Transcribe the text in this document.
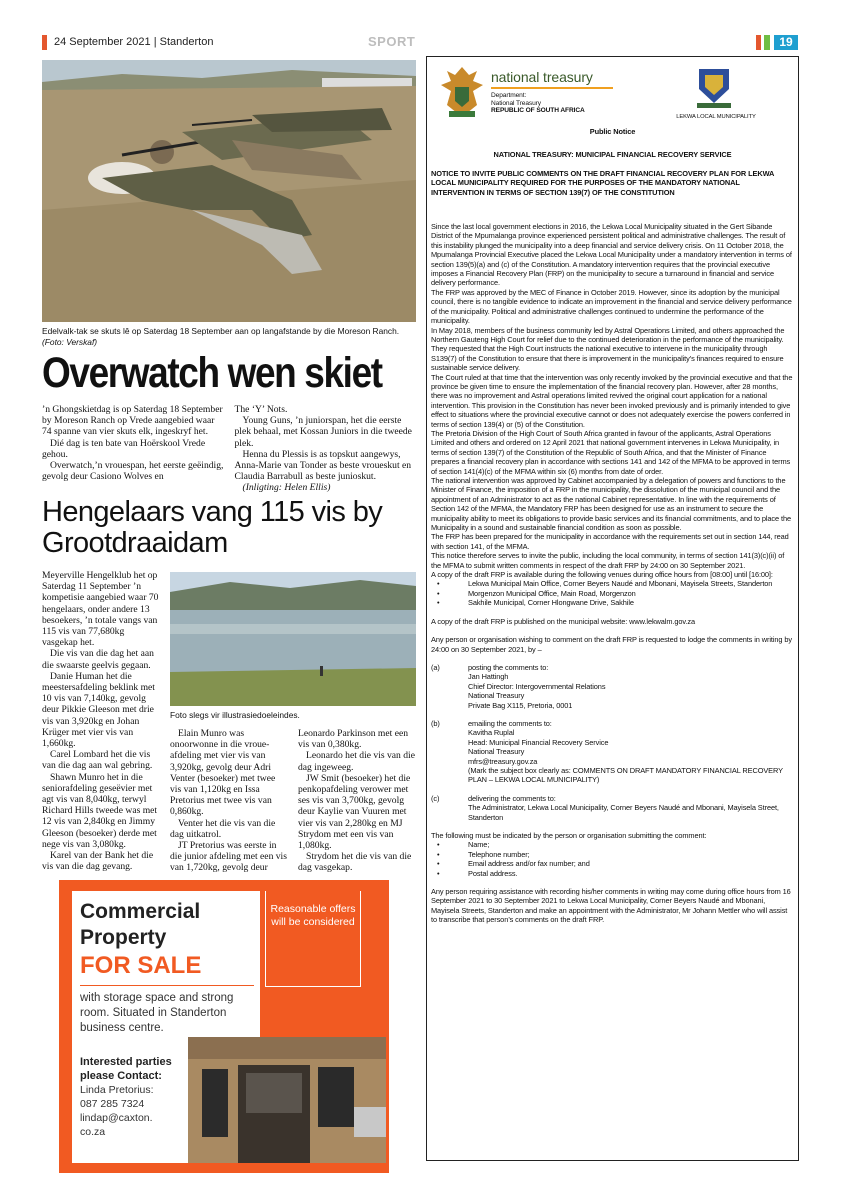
24 September 2021 | Standerton	SPORT	19
Edelvalk-tak se skuts lê op Saterdag 18 September aan op langafstande by die Moreson Ranch. (Foto: Verskaf)
Overwatch wen skiet

’n Ghongskietdag is op Saterdag 18 September by Moreson Ranch op Vrede aangebied waar 74 spanne van vier skuts elk, ingeskryf het.

Dié dag is ten bate van Hoërskool Vrede gehou.

Overwatch,’n vrouespan, het eerste geëindig, gevolg deur Casiono Wolves en

The ‘Y’ Nots.

Young Guns, ’n juniorspan, het die eerste plek behaal, met Kossan Juniors in die tweede plek.

Henna du Plessis is as topskut aangewys, Anna-Marie van Tonder as beste vroueskut en Claudia Barrabull as beste junioskut.

(Inligting: Helen Ellis)

Hengelaars vang 115 vis by Grootdraaidam

Meyerville Hengelklub het op Saterdag 11 September ’n kompetisie aangebied waar 70 hengelaars, onder andere 13 besoekers, ’n totale vangs van 115 vis van 77,680kg vasgekap het.

Die vis van die dag het aan die swaarste geelvis gegaan.

Danie Human het die meestersafdeling beklink met 10 vis van 7,140kg, gevolg deur Pikkie Gleeson met drie vis van 3,920kg en Johan Krüger met vier vis van 1,660kg.

Carel Lombard het die vis van die dag aan wal gebring.

Shawn Munro het in die seniorafdeling geseëvier met agt vis van 8,040kg, terwyl Richard Hills tweede was met 12 vis van 2,840kg en Jimmy Gleeson (besoeker) derde met nege vis van 3,080kg.

Karel van der Bank het die vis van die dag gevang.

Foto slegs vir illustrasiedoeleindes.

Elain Munro was onoorwonne in die vroue-afdeling met vier vis van 3,920kg, gevolg deur Adri Venter (besoeker) met twee vis van 1,120kg en Issa Pretorius met twee vis van 0,860kg.

Venter het die vis van die dag uitkatrol.

JT Pretorius was eerste in die junior afdeling met een vis van 1,720kg, gevolg deur

Leonardo Parkinson met een vis van 0,380kg.

Leonardo het die vis van die dag ingeweeg.

JW Smit (besoeker) het die penkopafdeling verower met ses vis van 3,700kg, gevolg deur Kaylie van Vuuren met vier vis van 2,280kg en MJ Strydom met een vis van 1,080kg.

Strydom het die vis van die dag vasgekap.

Commercial
Property
FOR SALE
with storage space and strong room. Situated in Standerton business centre.
Interested parties please Contact:
Linda Pretorius:
087 285 7324
lindap@caxton.
co.za
Reasonable offers will be considered
national treasury
Department:
National Treasury
REPUBLIC OF SOUTH AFRICA
LEKWA LOCAL MUNICIPALITY

Public Notice

NATIONAL TREASURY: MUNICIPAL FINANCIAL RECOVERY SERVICE

NOTICE TO INVITE PUBLIC COMMENTS ON THE DRAFT FINANCIAL RECOVERY PLAN FOR LEKWA LOCAL MUNICIPALITY REQUIRED FOR THE PURPOSES OF THE MANDATORY NATIONAL INTERVENTION IN TERMS OF SECTION 139(7) OF THE CONSTITUTION

Since the last local government elections in 2016, the Lekwa Local Municipality situated in the Gert Sibande District of the Mpumalanga province experienced persistent political and administrative challenges. The result of this instability plunged the municipality into a deep financial and service delivery crisis. On 11 October 2018, the Mpumalanga Provincial Executive placed the Lekwa Local Municipality under a mandatory intervention in terms of section 139(5)(a) and (c) of the Constitution. A mandatory intervention requires that the provincial executive imposes a Financial Recovery Plan (FRP) on the municipality to secure a turnaround in financial and service delivery performance.

The FRP was approved by the MEC of Finance in October 2019. However, since its adoption by the municipal council, there is no tangible evidence to indicate an improvement in the financial and service delivery performance of the municipality. Political and administrative challenges continued to undermine the performance of the municipality.

In May 2018, members of the business community led by Astral Operations Limited, and others approached the Northern Gauteng High Court for relief due to the continued deterioration in the performance of the municipality. They requested that the High Court instructs the national executive to intervene in the municipality through S139(7) of the Constitution to ensure that there is improvement in the municipality’s finances required to ensure sustainable service delivery.

The Court ruled at that time that the intervention was only recently invoked by the provincial executive and that the province be given time to ensure the implementation of the financial recovery plan. However, after 28 months, there was no improvement and Astral operations limited revived the original court application for a national intervention. This provision in the Constitution has never been invoked previously and is primarily intended to give effect to situations where the provincial executive cannot or does not adequately exercise the powers conferred in terms of section 139(4) or (5) of the Constitution.

The Pretoria Division of the High Court of South Africa granted in favour of the applicants, Astral Operations Limited and others and ordered on 12 April 2021 that national government intervenes in Lekwa Municipality, in terms of section 139(7) of the Constitution of the Republic of South Africa, and that the Minister of Finance prepares a financial recovery plan in accordance with sections 141 and 142 of the MFMA to be approved in terms of section 141(4)(c) of the MFMA within six (6) months from date of order.

The national intervention was approved by Cabinet accompanied by a delegation of powers and functions to the Minister of Finance, the imposition of a FRP in the municipality, the dissolution of the municipal council and the appointment of an Administrator to act as the national Cabinet representative. In line with the requirements of Section 142 of the MFMA, the Mandatory FRP has been designed for use as an instrument to secure the municipality ability to meet its obligations to provide basic services and its financial commitments, and to place the Municipality in a sound and sustainable financial condition as soon as possible.

The FRP has been prepared for the municipality in accordance with the requirements set out in section 144, read with section 141, of the MFMA.

This notice therefore serves to invite the public, including the local community, in terms of section 141(3)(c)(ii) of the MFMA to submit written comments in respect of the draft FRP by 24:00 on 30 September 2021.

A copy of the draft FRP is available during the following venues during office hours from [08:00] until [16:00]:

•	Lekwa Municipal Main Office, Corner Beyers Naudé and Mbonani, Mayisela Streets, Standerton
•	Morgenzon Municipal Office, Main Road, Morgenzon
•	Sakhile Municipal, Corner Hlongwane Drive, Sakhile

A copy of the draft FRP is published on the municipal website: www.lekwalm.gov.za

Any person or organisation wishing to comment on the draft FRP is requested to lodge the comments in writing by 24:00 on 30 September 2021, by –

(a)	posting the comments to:
Jan Hattingh
Chief Director: Intergovernmental Relations
National Treasury
Private Bag X115, Pretoria, 0001
(b)	emailing the comments to:
Kavitha Ruplal
Head: Municipal Financial Recovery Service
National Treasury
mfrs@treasury.gov.za
(Mark the subject box clearly as: COMMENTS ON DRAFT MANDATORY FINANCIAL RECOVERY PLAN – LEKWA LOCAL MUNICIPALITY)
(c)	delivering the comments to:
The Administrator, Lekwa Local Municipality, Corner Beyers Naudé and Mbonani, Mayisela Street, Standerton

The following must be indicated by the person or organisation submitting the comment:

•	Name;
•	Telephone number;
•	Email address and/or fax number; and
•	Postal address.

Any person requiring assistance with recording his/her comments in writing may come during office hours from 16 September 2021 to 30 September 2021 to Lekwa Local Municipality, Corner Beyers Naudé and Mbonani, Mayisela Streets, Standerton and make an appointment with the Administrator, Mr Johann Mettler who will assist to transcribe that person’s comments on the draft FRP.
